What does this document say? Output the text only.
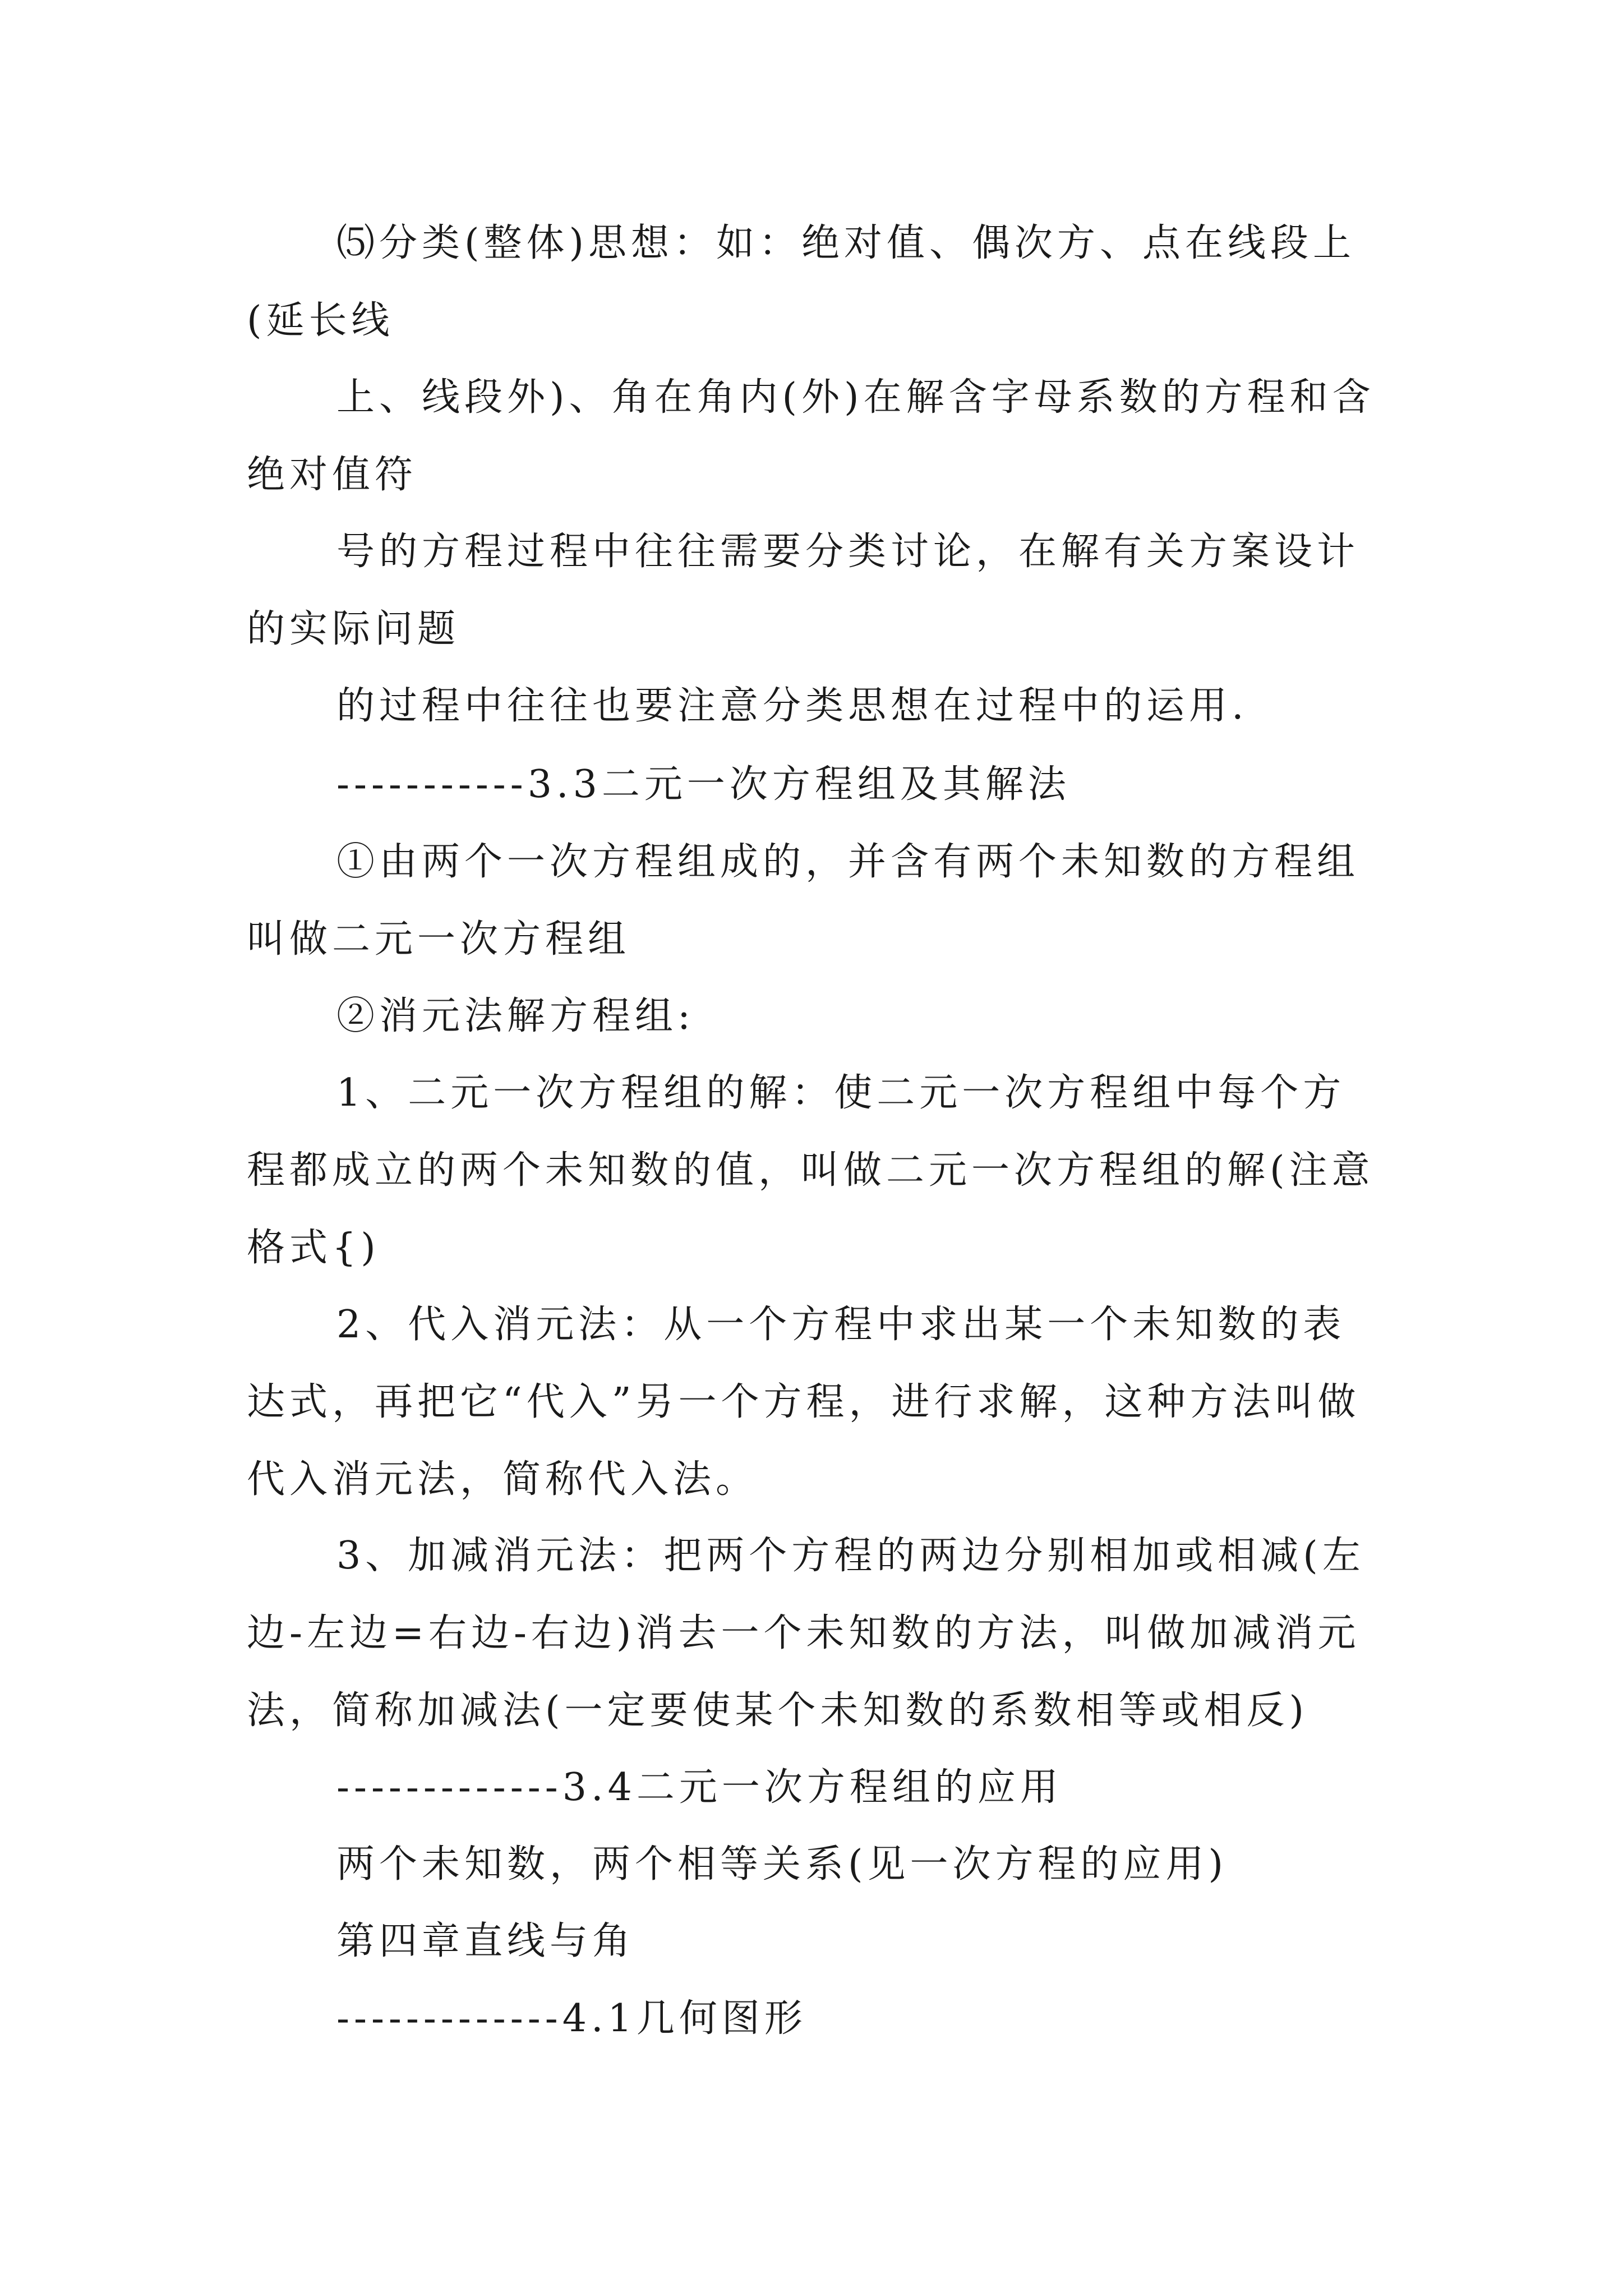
⑸分类(整体)思想：如：绝对值、偶次方、点在线段上(延长线
上、线段外)、角在角内(外)在解含字母系数的方程和含绝对值符
号的方程过程中往往需要分类讨论，在解有关方案设计的实际问题
的过程中往往也要注意分类思想在过程中的运用.
-----------3.3二元一次方程组及其解法
①由两个一次方程组成的，并含有两个未知数的方程组叫做二元一次方程组
②消元法解方程组:
1、二元一次方程组的解：使二元一次方程组中每个方程都成立的两个未知数的值，叫做二元一次方程组的解(注意格式{)
2、代入消元法：从一个方程中求出某一个未知数的表达式，再把它“代入”另一个方程，进行求解，这种方法叫做代入消元法，简称代入法。
3、加减消元法：把两个方程的两边分别相加或相减(左边-左边=右边-右边)消去一个未知数的方法，叫做加减消元法，简称加减法(一定要使某个未知数的系数相等或相反)
-------------3.4二元一次方程组的应用
两个未知数，两个相等关系(见一次方程的应用)
第四章直线与角
-------------4.1几何图形
